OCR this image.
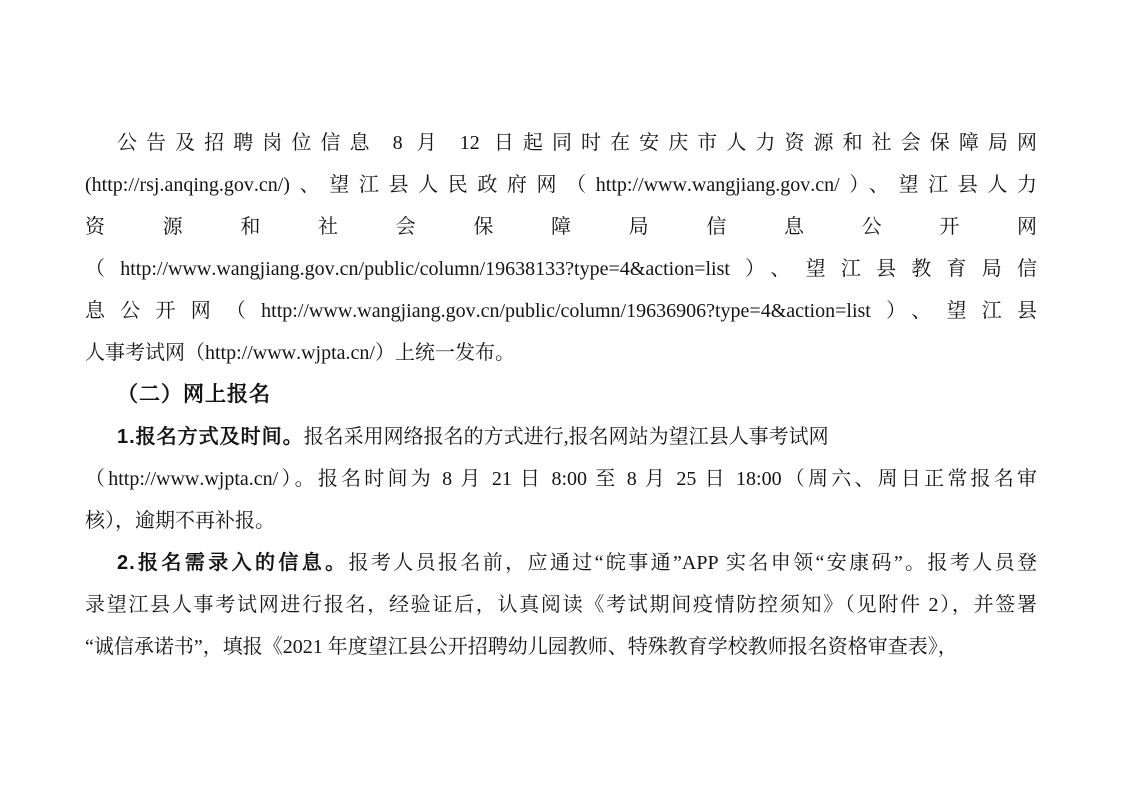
公告及招聘岗位信息 8 月 12 日起同时在安庆市人力资源和社会保障局网
(http://rsj.anqing.gov.cn/)、望江县人民政府网（http://www.wangjiang.gov.cn/）、望江县人力
资源和社会保障局信息公开网
（http://www.wangjiang.gov.cn/public/column/19638133?type=4&action=list）、望江县教育局信
息公开网（http://www.wangjiang.gov.cn/public/column/19636906?type=4&action=list）、望江县
人事考试网（http://www.wjpta.cn/）上统一发布。
（二）网上报名
1.报名方式及时间。报名采用网络报名的方式进行,报名网站为望江县人事考试网
（http://www.wjpta.cn/）。报名时间为 8 月 21 日 8:00 至 8 月 25 日 18:00（周六、周日正常报名审
核），逾期不再补报。
2.报名需录入的信息。报考人员报名前，应通过“皖事通”APP 实名申领“安康码”。报考人员登
录望江县人事考试网进行报名，经验证后，认真阅读《考试期间疫情防控须知》（见附件 2），并签署
“诚信承诺书”，填报《2021 年度望江县公开招聘幼儿园教师、特殊教育学校教师报名资格审查表》，
